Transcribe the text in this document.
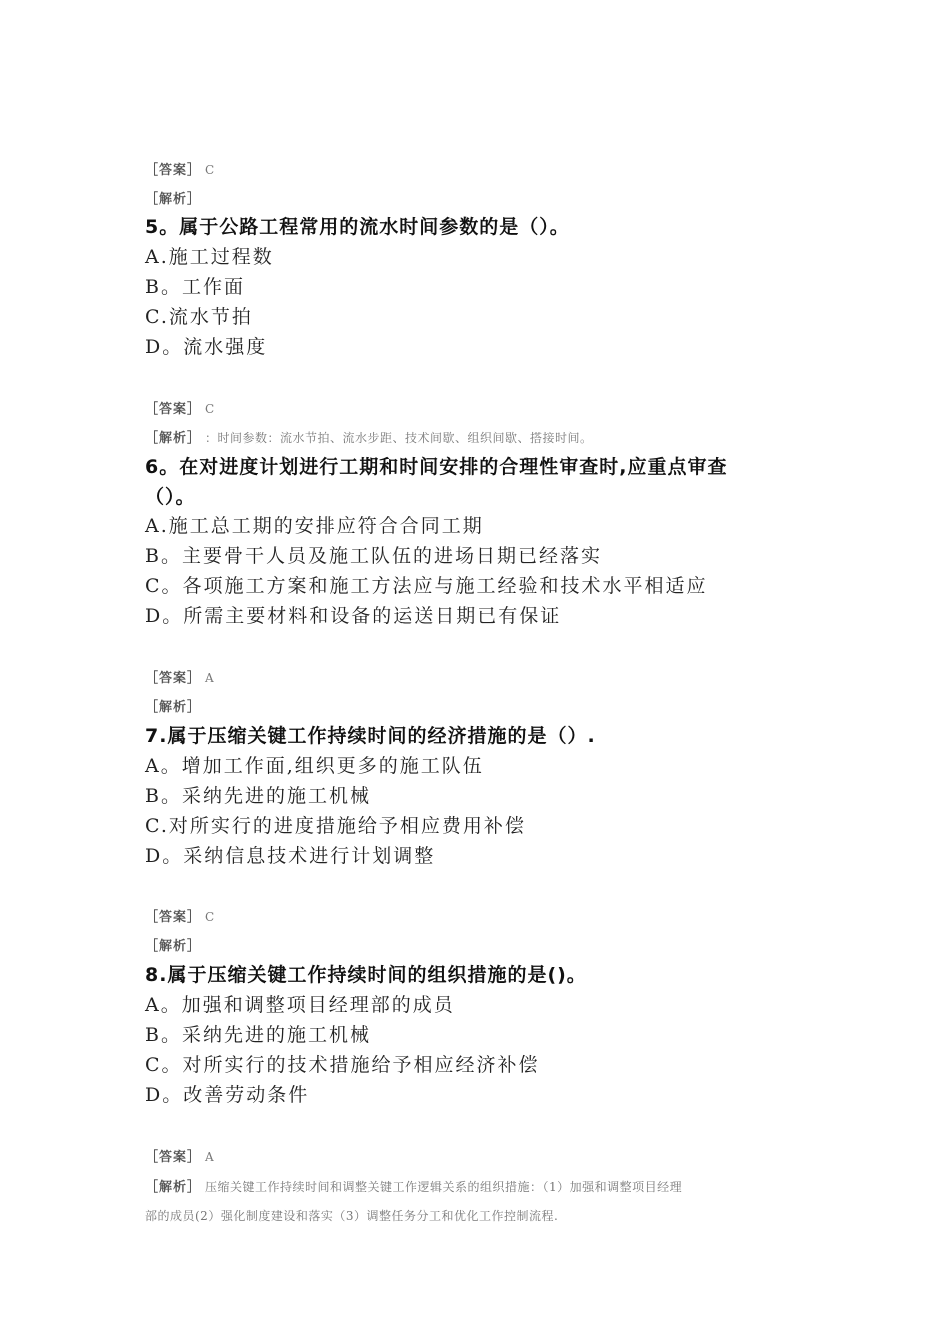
［答案］ C
［解析］
5。属于公路工程常用的流水时间参数的是（）。
A.施工过程数
B。工作面
C.流水节拍
D。流水强度
［答案］ C
［解析］ ：时间参数：流水节拍、流水步距、技术间歇、组织间歇、搭接时间。
6。在对进度计划进行工期和时间安排的合理性审查时,应重点审查
（）。
A.施工总工期的安排应符合合同工期
B。主要骨干人员及施工队伍的进场日期已经落实
C。各项施工方案和施工方法应与施工经验和技术水平相适应
D。所需主要材料和设备的运送日期已有保证
［答案］ A
［解析］
7.属于压缩关键工作持续时间的经济措施的是（）.
A。增加工作面,组织更多的施工队伍
B。采纳先进的施工机械
C.对所实行的进度措施给予相应费用补偿
D。采纳信息技术进行计划调整
［答案］ C
［解析］
8.属于压缩关键工作持续时间的组织措施的是()。
A。加强和调整项目经理部的成员
B。采纳先进的施工机械
C。对所实行的技术措施给予相应经济补偿
D。改善劳动条件
［答案］ A
［解析］ 压缩关键工作持续时间和调整关键工作逻辑关系的组织措施：（1）加强和调整项目经理
部的成员(2）强化制度建设和落实（3）调整任务分工和优化工作控制流程.
